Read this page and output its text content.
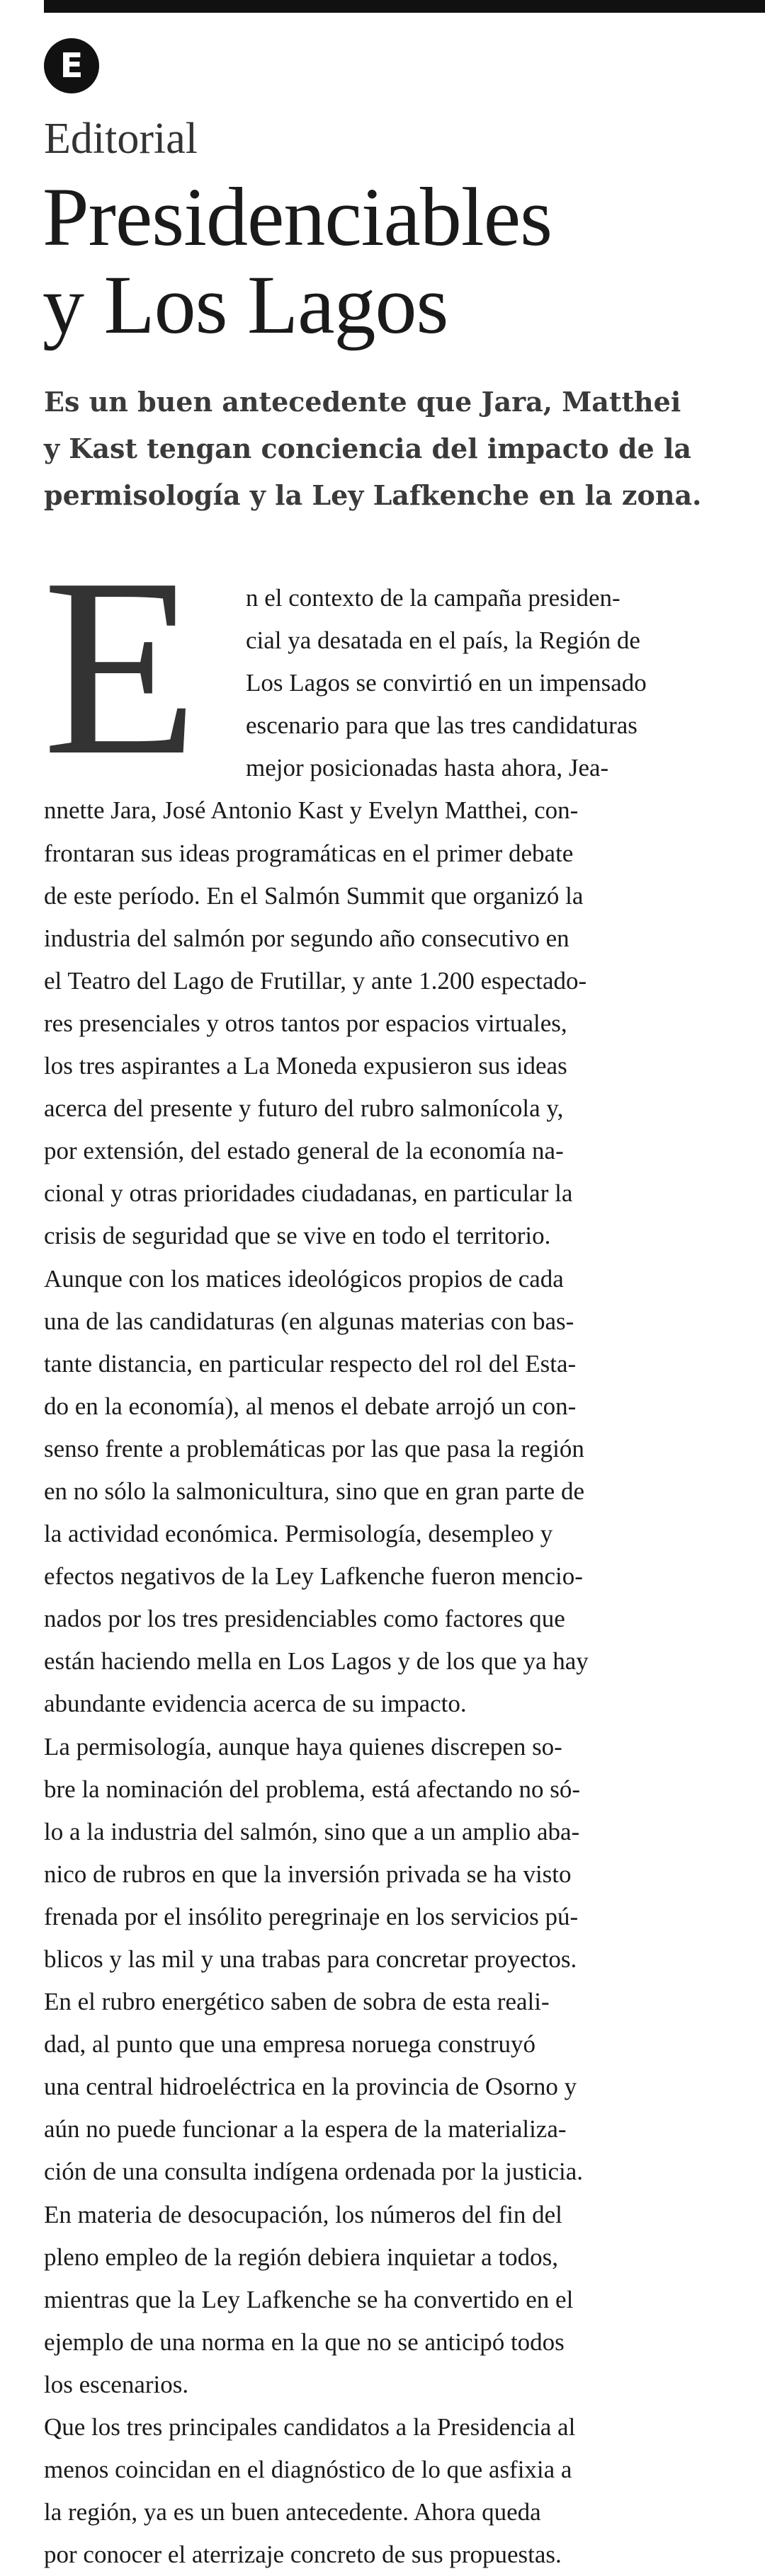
E
Editorial
Presidenciables
y Los Lagos

Es un buen antecedente que Jara, Matthei
y Kast tengan conciencia del impacto de la
permisología y la Ley Lafkenche en la zona.

E	n el contexto de la campaña presiden-
cial ya desatada en el país, la Región de
Los Lagos se convirtió en un impensado
escenario para que las tres candidaturas
mejor posicionadas hasta ahora, Jea-
nnette Jara, José Antonio Kast y Evelyn Matthei, con-
frontaran sus ideas programáticas en el primer debate
de este período. En el Salmón Summit que organizó la
industria del salmón por segundo año consecutivo en
el Teatro del Lago de Frutillar, y ante 1.200 espectado-
res presenciales y otros tantos por espacios virtuales,
los tres aspirantes a La Moneda expusieron sus ideas
acerca del presente y futuro del rubro salmonícola y,
por extensión, del estado general de la economía na-
cional y otras prioridades ciudadanas, en particular la
crisis de seguridad que se vive en todo el territorio.
Aunque con los matices ideológicos propios de cada
una de las candidaturas (en algunas materias con bas-
tante distancia, en particular respecto del rol del Esta-
do en la economía), al menos el debate arrojó un con-
senso frente a problemáticas por las que pasa la región
en no sólo la salmonicultura, sino que en gran parte de
la actividad económica. Permisología, desempleo y
efectos negativos de la Ley Lafkenche fueron mencio-
nados por los tres presidenciables como factores que
están haciendo mella en Los Lagos y de los que ya hay
abundante evidencia acerca de su impacto.
La permisología, aunque haya quienes discrepen so-
bre la nominación del problema, está afectando no só-
lo a la industria del salmón, sino que a un amplio aba-
nico de rubros en que la inversión privada se ha visto
frenada por el insólito peregrinaje en los servicios pú-
blicos y las mil y una trabas para concretar proyectos.
En el rubro energético saben de sobra de esta reali-
dad, al punto que una empresa noruega construyó
una central hidroeléctrica en la provincia de Osorno y
aún no puede funcionar a la espera de la materializa-
ción de una consulta indígena ordenada por la justicia.
En materia de desocupación, los números del fin del
pleno empleo de la región debiera inquietar a todos,
mientras que la Ley Lafkenche se ha convertido en el
ejemplo de una norma en la que no se anticipó todos
los escenarios.
Que los tres principales candidatos a la Presidencia al
menos coincidan en el diagnóstico de lo que asfixia a
la región, ya es un buen antecedente. Ahora queda
por conocer el aterrizaje concreto de sus propuestas.
